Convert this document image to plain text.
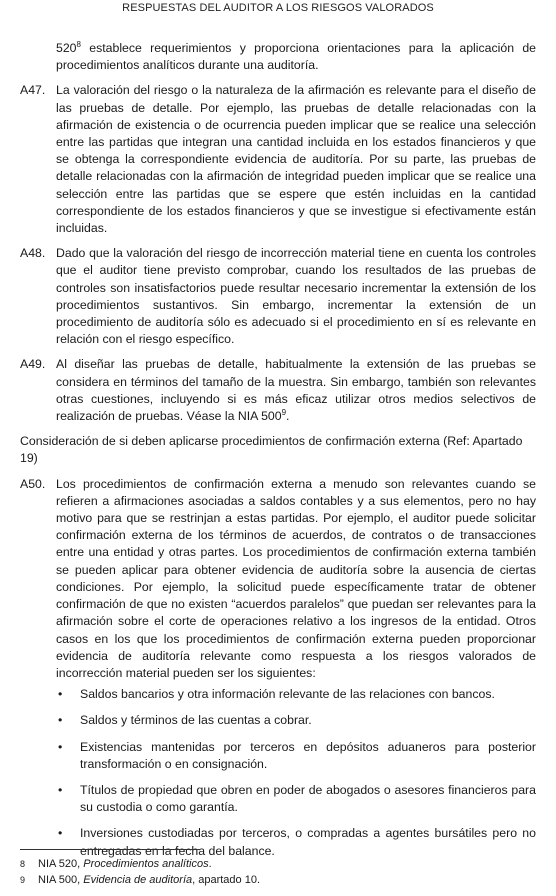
RESPUESTAS DEL AUDITOR A LOS RIESGOS VALORADOS
$520^8$ establece requerimientos y proporciona orientaciones para la aplicación de procedimientos analíticos durante una auditoría.
A47. La valoración del riesgo o la naturaleza de la afirmación es relevante para el diseño de las pruebas de detalle. Por ejemplo, las pruebas de detalle relacionadas con la afirmación de existencia o de ocurrencia pueden implicar que se realice una selección entre las partidas que integran una cantidad incluida en los estados financieros y que se obtenga la correspondiente evidencia de auditoría. Por su parte, las pruebas de detalle relacionadas con la afirmación de integridad pueden implicar que se realice una selección entre las partidas que se espere que estén incluidas en la cantidad correspondiente de los estados financieros y que se investigue si efectivamente están incluidas.
A48. Dado que la valoración del riesgo de incorrección material tiene en cuenta los controles que el auditor tiene previsto comprobar, cuando los resultados de las pruebas de controles son insatisfactorios puede resultar necesario incrementar la extensión de los procedimientos sustantivos. Sin embargo, incrementar la extensión de un procedimiento de auditoría sólo es adecuado si el procedimiento en sí es relevante en relación con el riesgo específico.
A49. Al diseñar las pruebas de detalle, habitualmente la extensión de las pruebas se considera en términos del tamaño de la muestra. Sin embargo, también son relevantes otras cuestiones, incluyendo si es más eficaz utilizar otros medios selectivos de realización de pruebas. Véase la NIA $500^9$.
Consideración de si deben aplicarse procedimientos de confirmación externa (Ref: Apartado 19)
A50. Los procedimientos de confirmación externa a menudo son relevantes cuando se refieren a afirmaciones asociadas a saldos contables y a sus elementos, pero no hay motivo para que se restrinjan a estas partidas. Por ejemplo, el auditor puede solicitar confirmación externa de los términos de acuerdos, de contratos o de transacciones entre una entidad y otras partes. Los procedimientos de confirmación externa también se pueden aplicar para obtener evidencia de auditoría sobre la ausencia de ciertas condiciones. Por ejemplo, la solicitud puede específicamente tratar de obtener confirmación de que no existen “acuerdos paralelos” que puedan ser relevantes para la afirmación sobre el corte de operaciones relativo a los ingresos de la entidad. Otros casos en los que los procedimientos de confirmación externa pueden proporcionar evidencia de auditoría relevante como respuesta a los riesgos valorados de incorrección material pueden ser los siguientes:
•	Saldos bancarios y otra información relevante de las relaciones con bancos.
•	Saldos y términos de las cuentas a cobrar.
•	Existencias mantenidas por terceros en depósitos aduaneros para posterior transformación o en consignación.
•	Títulos de propiedad que obren en poder de abogados o asesores financieros para su custodia o como garantía.
•	Inversiones custodiadas por terceros, o compradas a agentes bursátiles pero no entregadas en la fecha del balance.
8	NIA 520, Procedimientos analíticos.
9	NIA 500, Evidencia de auditoría, apartado 10.
